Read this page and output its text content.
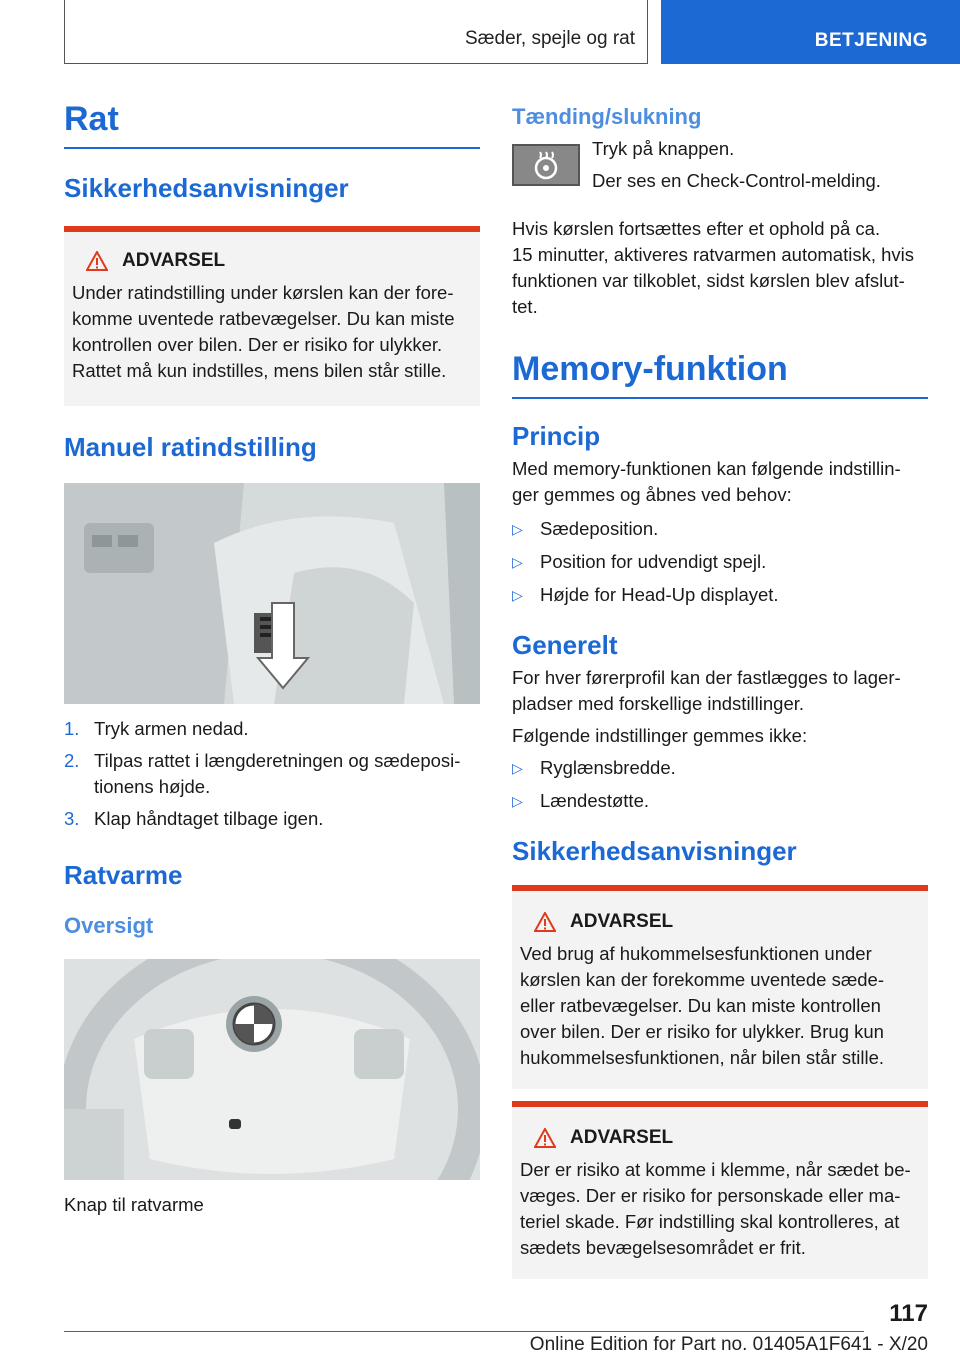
Sæder, spejle og rat	BETJENING
Rat
Sikkerhedsanvisninger
ADVARSEL
Under ratindstilling under kørslen kan der fore-
komme uventede ratbevægelser. Du kan miste
kontrollen over bilen. Der er risiko for ulykker.
Rattet må kun indstilles, mens bilen står stille.
Manuel ratindstilling
1. Tryk armen nedad.
2. Tilpas rattet i længderetningen og sædeposi-
tionens højde.
3. Klap håndtaget tilbage igen.
Ratvarme
Oversigt
Knap til ratvarme
Tænding/slukning
Tryk på knappen.
Der ses en Check-Control-melding.
Hvis kørslen fortsættes efter et ophold på ca.
15 minutter, aktiveres ratvarmen automatisk, hvis
funktionen var tilkoblet, sidst kørslen blev afslut-
tet.
Memory-funktion
Princip
Med memory-funktionen kan følgende indstillin-
ger gemmes og åbnes ved behov:
▷ Sædeposition.
▷ Position for udvendigt spejl.
▷ Højde for Head-Up displayet.
Generelt
For hver førerprofil kan der fastlægges to lager-
pladser med forskellige indstillinger.
Følgende indstillinger gemmes ikke:
▷ Ryglænsbredde.
▷ Lændestøtte.
Sikkerhedsanvisninger
ADVARSEL
Ved brug af hukommelsesfunktionen under
kørslen kan der forekomme uventede sæde-
eller ratbevægelser. Du kan miste kontrollen
over bilen. Der er risiko for ulykker. Brug kun
hukommelsesfunktionen, når bilen står stille.
ADVARSEL
Der er risiko at komme i klemme, når sædet be-
væges. Der er risiko for personskade eller ma-
teriel skade. Før indstilling skal kontrolleres, at
sædets bevægelsesområdet er frit.
117
Online Edition for Part no. 01405A1F641 - X/20
